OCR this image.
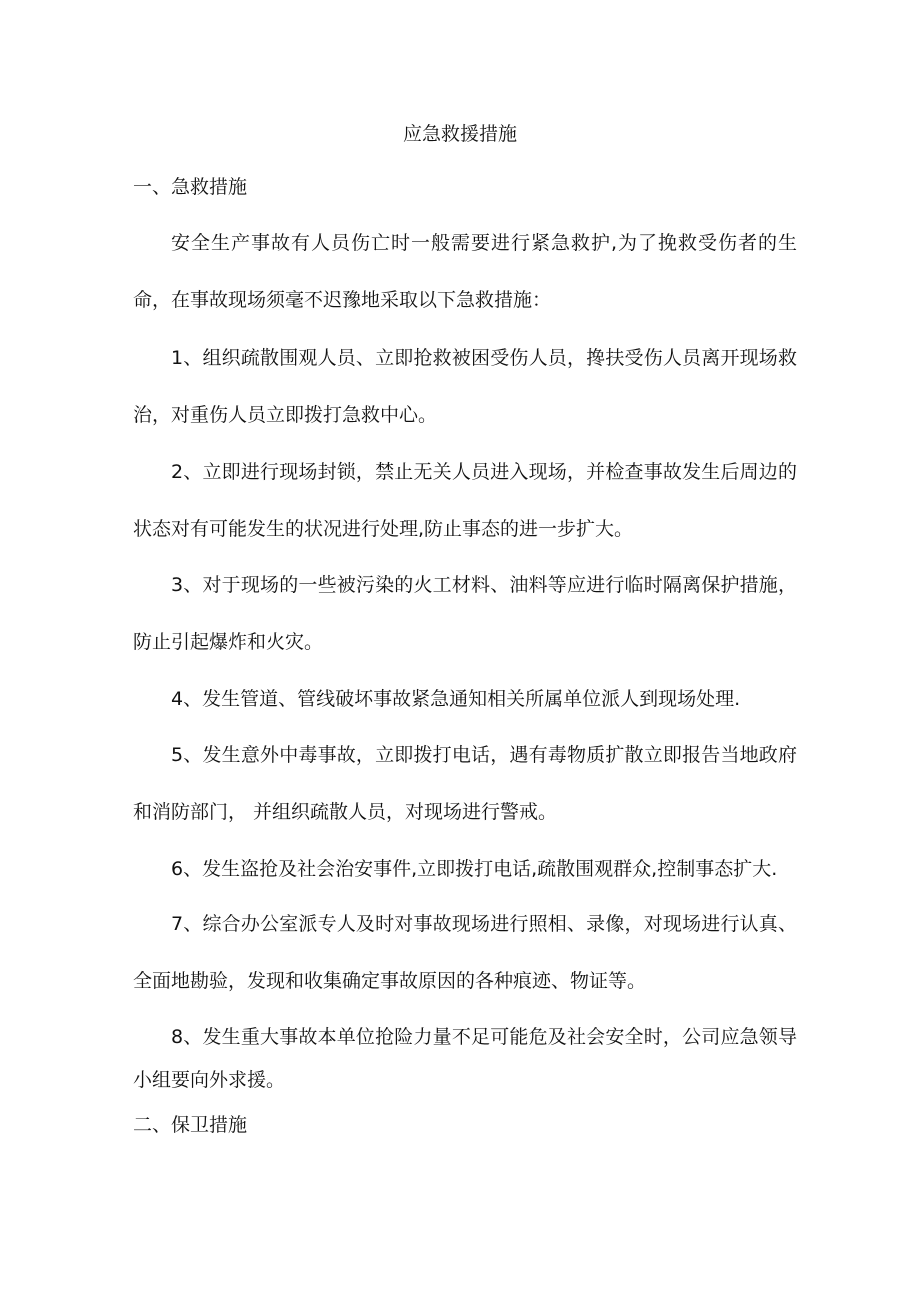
应急救援措施
一、急救措施
安全生产事故有人员伤亡时一般需要进行紧急救护,为了挽救受伤者的生命，在事故现场须毫不迟豫地采取以下急救措施：
1、组织疏散围观人员、立即抢救被困受伤人员，搀扶受伤人员离开现场救治，对重伤人员立即拨打急救中心。
2、立即进行现场封锁，禁止无关人员进入现场，并检查事故发生后周边的状态对有可能发生的状况进行处理,防止事态的进一步扩大。
3、对于现场的一些被污染的火工材料、油料等应进行临时隔离保护措施，防止引起爆炸和火灾。
4、发生管道、管线破坏事故紧急通知相关所属单位派人到现场处理.
5、发生意外中毒事故，立即拨打电话，遇有毒物质扩散立即报告当地政府和消防部门， 并组织疏散人员，对现场进行警戒。
6、发生盗抢及社会治安事件,立即拨打电话,疏散围观群众,控制事态扩大.
7、综合办公室派专人及时对事故现场进行照相、录像，对现场进行认真、全面地勘验，发现和收集确定事故原因的各种痕迹、物证等。
8、发生重大事故本单位抢险力量不足可能危及社会安全时，公司应急领导小组要向外求援。
二、保卫措施
